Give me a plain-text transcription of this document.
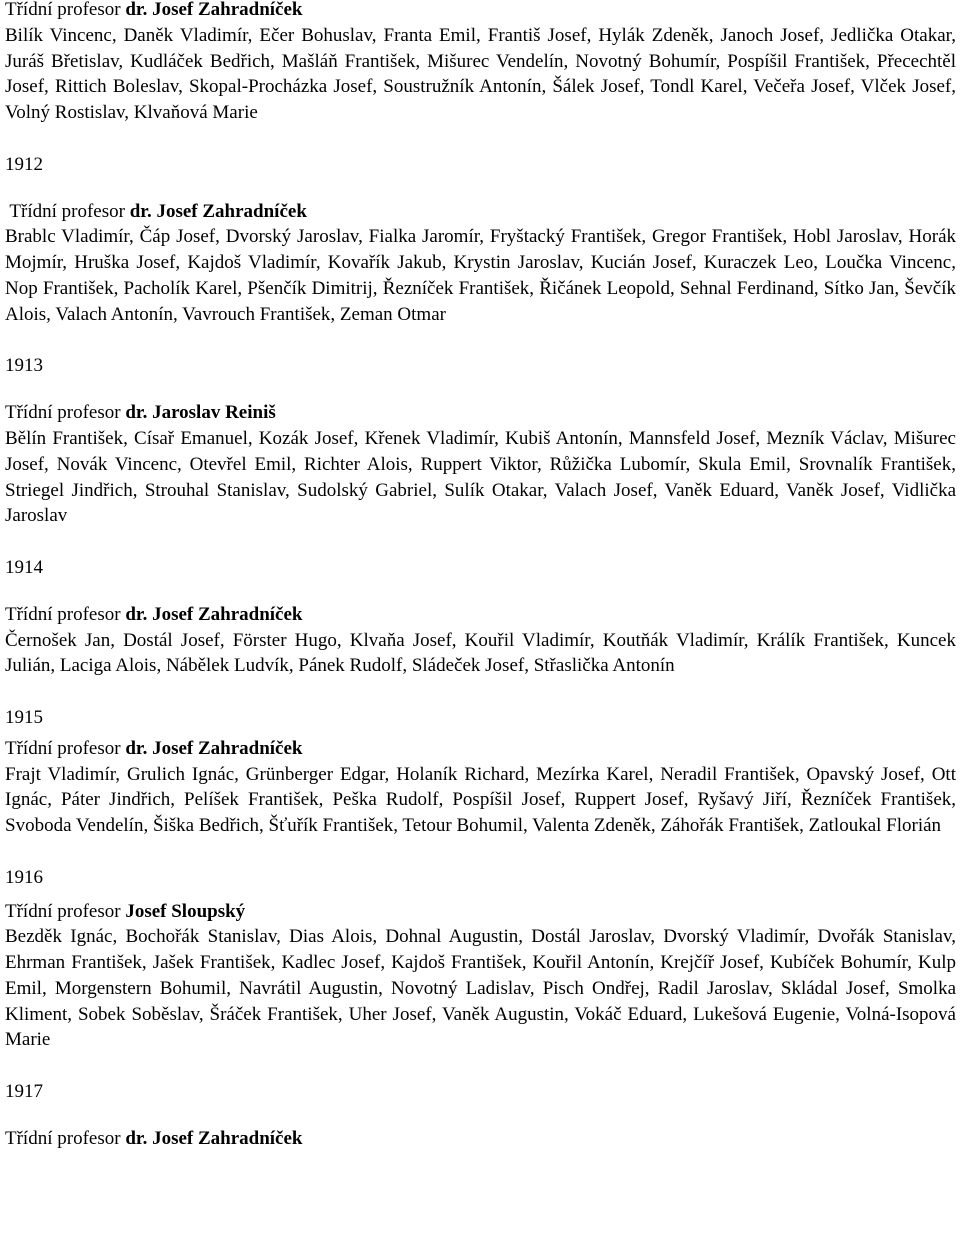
Třídní profesor dr. Josef Zahradníček

Bilík Vincenc, Daněk Vladimír, Ečer Bohuslav, Franta Emil, Františ Josef, Hylák Zdeněk, Janoch Josef, Jedlička Otakar, Juráš Břetislav, Kudláček Bedřich, Mašláň František, Mišurec Vendelín, Novotný Bohumír, Pospíšil František, Přecechtěl Josef, Rittich Boleslav, Skopal-Procházka Josef, Soustružník Antonín, Šálek Josef, Tondl Karel, Večeřa Josef, Vlček Josef, Volný Rostislav, Klvaňová Marie

1912

Třídní profesor dr. Josef Zahradníček

Brablc Vladimír, Čáp Josef, Dvorský Jaroslav, Fialka Jaromír, Fryštacký František, Gregor František, Hobl Jaroslav, Horák Mojmír, Hruška Josef, Kajdoš Vladimír, Kovařík Jakub, Krystin Jaroslav, Kucián Josef, Kuraczek Leo, Loučka Vincenc, Nop František, Pacholík Karel, Pšenčík Dimitrij, Řezníček František, Řičánek Leopold, Sehnal Ferdinand, Sítko Jan, Ševčík Alois, Valach Antonín, Vavrouch František, Zeman Otmar

1913

Třídní profesor dr. Jaroslav Reiniš

Bělín František, Císař Emanuel, Kozák Josef, Křenek Vladimír, Kubiš Antonín, Mannsfeld Josef, Mezník Václav, Mišurec Josef, Novák Vincenc, Otevřel Emil, Richter Alois, Ruppert Viktor, Růžička Lubomír, Skula Emil, Srovnalík František, Striegel Jindřich, Strouhal Stanislav, Sudolský Gabriel, Sulík Otakar, Valach Josef, Vaněk Eduard, Vaněk Josef, Vidlička Jaroslav

1914

Třídní profesor dr. Josef Zahradníček

Černošek Jan, Dostál Josef, Förster Hugo, Klvaňa Josef, Kouřil Vladimír, Koutňák Vladimír, Králík František, Kuncek Julián, Laciga Alois, Nábělek Ludvík, Pánek Rudolf, Sládeček Josef, Střaslička Antonín

1915

Třídní profesor dr. Josef Zahradníček

Frajt Vladimír, Grulich Ignác, Grünberger Edgar, Holaník Richard, Mezírka Karel, Neradil František, Opavský Josef, Ott Ignác, Páter Jindřich, Pelíšek František, Peška Rudolf, Pospíšil Josef, Ruppert Josef, Ryšavý Jiří, Řezníček František, Svoboda Vendelín, Šiška Bedřich, Šťuřík František, Tetour Bohumil, Valenta Zdeněk, Záhořák František, Zatloukal Florián

1916

Třídní profesor Josef Sloupský

Bezděk Ignác, Bochořák Stanislav, Dias Alois, Dohnal Augustin, Dostál Jaroslav, Dvorský Vladimír, Dvořák Stanislav, Ehrman František, Jašek František, Kadlec Josef, Kajdoš František, Kouřil Antonín, Krejčíř Josef, Kubíček Bohumír, Kulp Emil, Morgenstern Bohumil, Navrátil Augustin, Novotný Ladislav, Pisch Ondřej, Radil Jaroslav, Skládal Josef, Smolka Kliment, Sobek Soběslav, Šráček František, Uher Josef, Vaněk Augustin, Vokáč Eduard, Lukešová Eugenie, Volná-Isopová Marie

1917

Třídní profesor dr. Josef Zahradníček
